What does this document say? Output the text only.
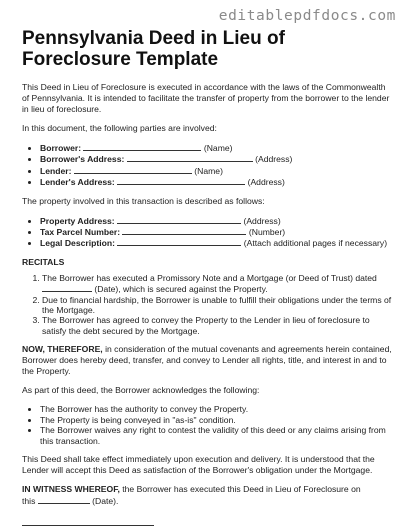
editablepdfdocs.com
Pennsylvania Deed in Lieu of Foreclosure Template

This Deed in Lieu of Foreclosure is executed in accordance with the laws of the Commonwealth of Pennsylvania. It is intended to facilitate the transfer of property from the borrower to the lender in lieu of foreclosure.

In this document, the following parties are involved:

• Borrower:	(Name)
• Borrower's Address:	(Address)
• Lender:	(Name)
• Lender's Address:	(Address)

The property involved in this transaction is described as follows:

• Property Address:	(Address)
• Tax Parcel Number:	(Number)
• Legal Description:	(Attach additional pages if necessary)
RECITALS
1. The Borrower has executed a Promissory Note and a Mortgage (or Deed of Trust) dated  (Date), which is secured against the Property.
2. Due to financial hardship, the Borrower is unable to fulfill their obligations under the terms of the Mortgage.
3. The Borrower has agreed to convey the Property to the Lender in lieu of foreclosure to satisfy the debt secured by the Mortgage.

NOW, THEREFORE, in consideration of the mutual covenants and agreements herein contained, Borrower does hereby deed, transfer, and convey to Lender all rights, title, and interest in and to the Property.

As part of this deed, the Borrower acknowledges the following:

• The Borrower has the authority to convey the Property.
• The Property is being conveyed in "as-is" condition.
• The Borrower waives any right to contest the validity of this deed or any claims arising from this transaction.

This Deed shall take effect immediately upon execution and delivery. It is understood that the Lender will accept this Deed as satisfaction of the Borrower's obligation under the Mortgage.

IN WITNESS WHEREOF, the Borrower has executed this Deed in Lieu of Foreclosure on
this	(Date).
